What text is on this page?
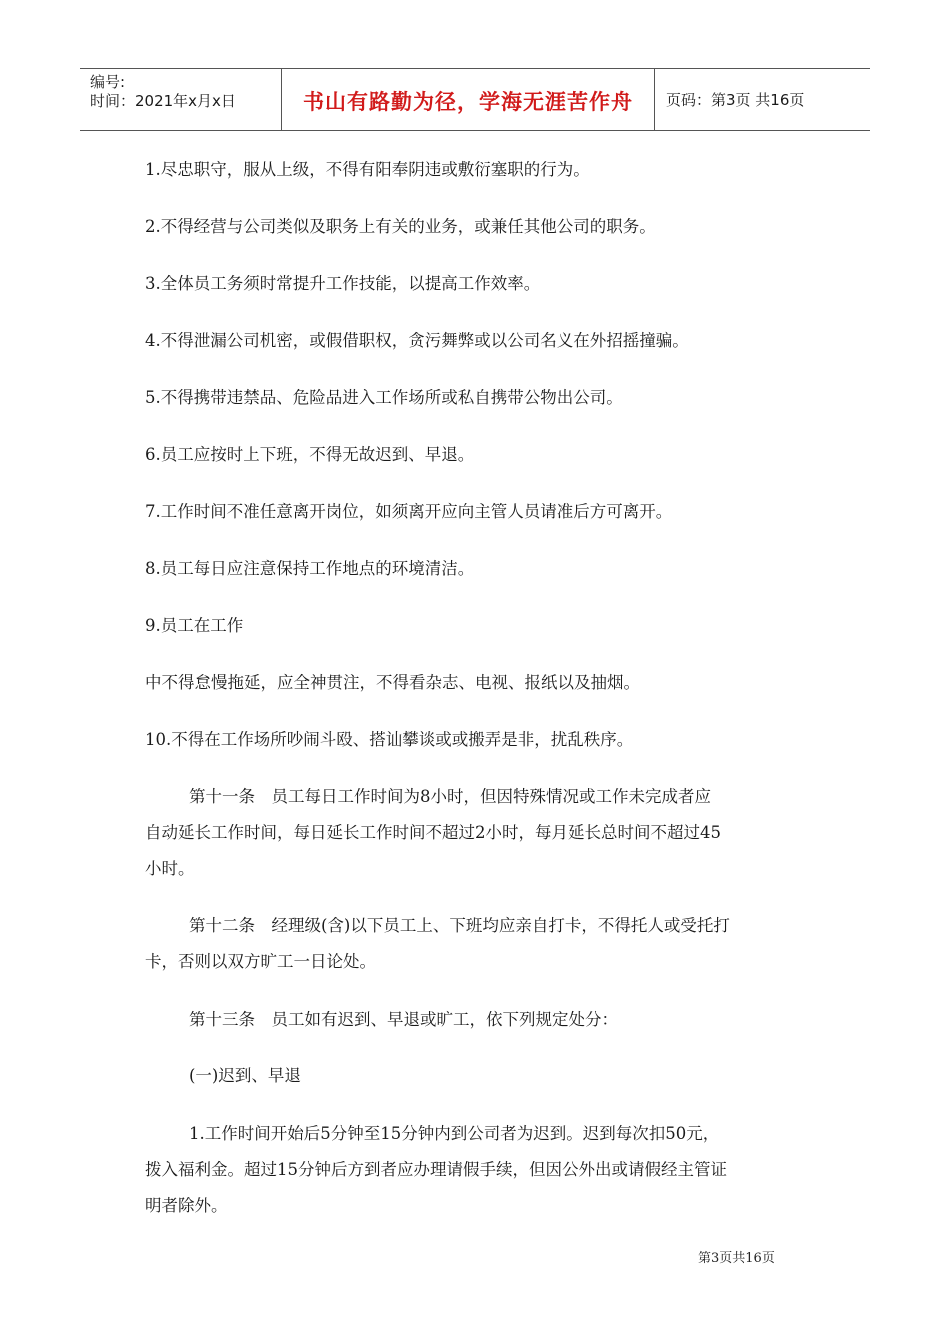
编号:
时间：2021年x月x日	书山有路勤为径，学海无涯苦作舟	页码：第3页 共16页
1.尽忠职守，服从上级，不得有阳奉阴违或敷衍塞职的行为。
2.不得经营与公司类似及职务上有关的业务，或兼任其他公司的职务。
3.全体员工务须时常提升工作技能，以提高工作效率。
4.不得泄漏公司机密，或假借职权，贪污舞弊或以公司名义在外招摇撞骗。
5.不得携带违禁品、危险品进入工作场所或私自携带公物出公司。
6.员工应按时上下班，不得无故迟到、早退。
7.工作时间不准任意离开岗位，如须离开应向主管人员请准后方可离开。
8.员工每日应注意保持工作地点的环境清洁。
9.员工在工作
中不得怠慢拖延，应全神贯注，不得看杂志、电视、报纸以及抽烟。
10.不得在工作场所吵闹斗殴、搭讪攀谈或或搬弄是非，扰乱秩序。
第十一条　员工每日工作时间为8小时，但因特殊情况或工作未完成者应
自动延长工作时间，每日延长工作时间不超过2小时，每月延长总时间不超过45
小时。
第十二条　经理级(含)以下员工上、下班均应亲自打卡，不得托人或受托打
卡，否则以双方旷工一日论处。
第十三条　员工如有迟到、早退或旷工，依下列规定处分：
(一)迟到、早退
1.工作时间开始后5分钟至15分钟内到公司者为迟到。迟到每次扣50元，
拨入福利金。超过15分钟后方到者应办理请假手续，但因公外出或请假经主管证
明者除外。
第3页共16页
